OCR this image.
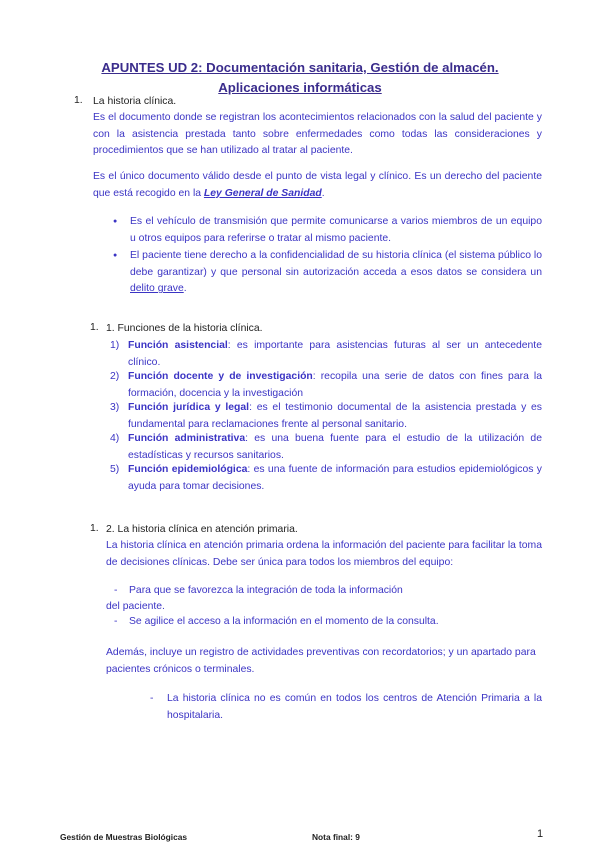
APUNTES UD 2: Documentación sanitaria, Gestión de almacén.
Aplicaciones informáticas
1. La historia clínica.
Es el documento donde se registran los acontecimientos relacionados con la salud del paciente y con la asistencia prestada tanto sobre enfermedades como todas las consideraciones y procedimientos que se han utilizado al tratar al paciente.
Es el único documento válido desde el punto de vista legal y clínico. Es un derecho del paciente que está recogido en la Ley General de Sanidad.
● Es el vehículo de transmisión que permite comunicarse a varios miembros de un equipo u otros equipos para referirse o tratar al mismo paciente.
● El paciente tiene derecho a la confidencialidad de su historia clínica (el sistema público lo debe garantizar) y que personal sin autorización acceda a esos datos se considera un delito grave.
1. 1. Funciones de la historia clínica.
1) Función asistencial: es importante para asistencias futuras al ser un antecedente clínico.
2) Función docente y de investigación: recopila una serie de datos con fines para la formación, docencia y la investigación
3) Función jurídica y legal: es el testimonio documental de la asistencia prestada y es fundamental para reclamaciones frente al personal sanitario.
4) Función administrativa: es una buena fuente para el estudio de la utilización de estadísticas y recursos sanitarios.
5) Función epidemiológica: es una fuente de información para estudios epidemiológicos y ayuda para tomar decisiones.
1. 2. La historia clínica en atención primaria.
La historia clínica en atención primaria ordena la información del paciente para facilitar la toma de decisiones clínicas. Debe ser única para todos los miembros del equipo:
- Para que se favorezca la integración de toda la información
del paciente.
- Se agilice el acceso a la información en el momento de la consulta.
Además, incluye un registro de actividades preventivas con recordatorios; y un apartado para pacientes crónicos o terminales.
- La historia clínica no es común en todos los centros de Atención Primaria a la hospitalaria.
Gestión de Muestras Biológicas	Nota final: 9	1
